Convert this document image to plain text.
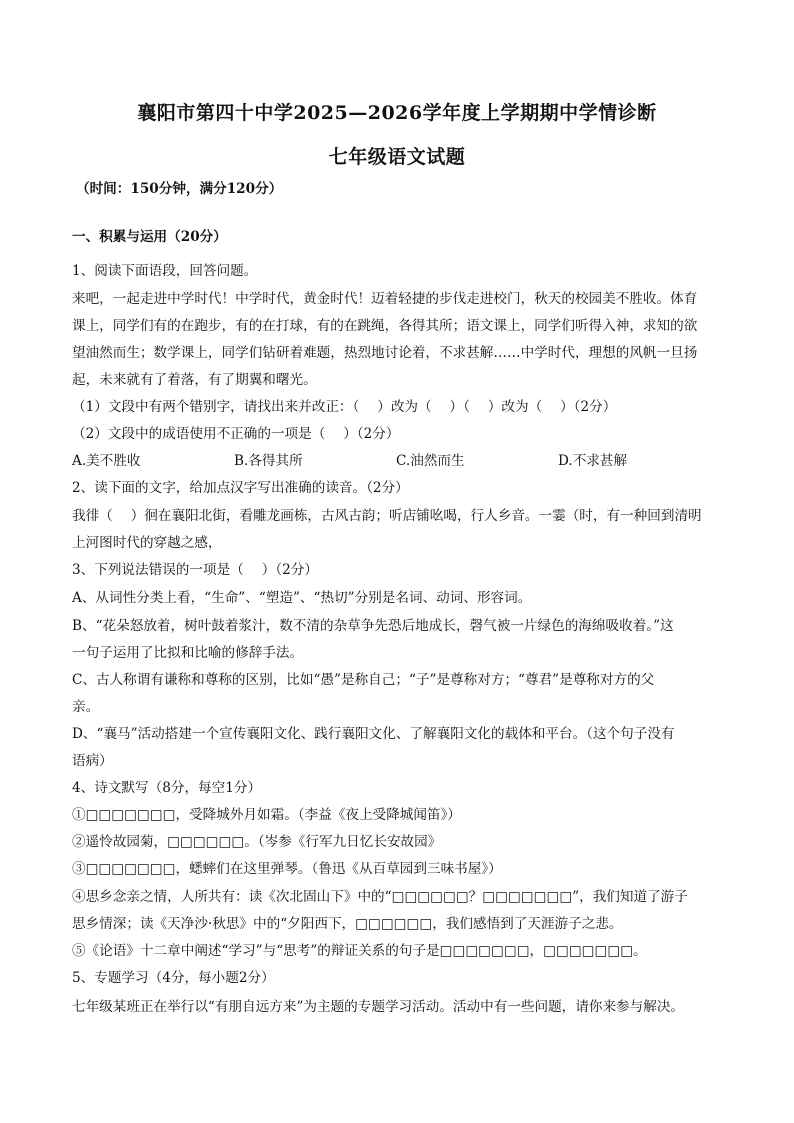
襄阳市第四十中学2025—2026学年度上学期期中学情诊断
七年级语文试题
（时间：150分钟，满分120分）
一、积累与运用（20分）
1、阅读下面语段，回答问题。
来吧，一起走进中学时代！中学时代，黄金时代！迈着轻捷的步伐走进校门，秋天的校园美不胜收。体育
课上，同学们有的在跑步，有的在打球，有的在跳绳，各得其所；语文课上，同学们听得入神，求知的欲
望油然而生；数学课上，同学们钻研着难题，热烈地讨论着，不求甚解……中学时代，理想的风帆一旦扬
起，未来就有了着落，有了期翼和曙光。
（1）文段中有两个错别字，请找出来并改正：（　 ）改为（　 ）（　 ）改为（　 ）（2分）
（2）文段中的成语使用不正确的一项是（　 ）（2分）
A.美不胜收	B.各得其所	C.油然而生	D.不求甚解
2、读下面的文字，给加点汉字写出准确的读音。（2分）
我徘（　 ）徊在襄阳北街，看雕龙画栋，古风古韵；听店铺吆喝，行人乡音。一霎（时，有一种回到清明
上河图时代的穿越之感，
3、下列说法错误的一项是（　 ）（2分）
A、从词性分类上看，“生命”、“塑造”、“热切”分别是名词、动词、形容词。
B、“花朵怒放着，树叶鼓着浆汁，数不清的杂草争先恐后地成长，磬气被一片绿色的海绵吸收着。”这
一句子运用了比拟和比喻的修辞手法。
C、古人称谓有谦称和尊称的区别，比如“愚”是称自己；“子”是尊称对方；“尊君”是尊称对方的父
亲。
D、“襄马”活动搭建一个宣传襄阳文化、践行襄阳文化、了解襄阳文化的载体和平台。（这个句子没有
语病）
4、诗文默写（8分，每空1分）
①□□□□□□□，受降城外月如霜。（李益《夜上受降城闻笛》）
②遥怜故园菊，□□□□□□。（岑参《行军九日忆长安故园》
③□□□□□□□，蟋蟀们在这里弹琴。（鲁迅《从百草园到三味书屋》）
④思乡念亲之情，人所共有：读《次北固山下》中的“□□□□□□？□□□□□□□”，我们知道了游子
思乡情深；读《天净沙·秋思》中的“夕阳西下，□□□□□□，我们感悟到了天涯游子之悲。
⑤《论语》十二章中阐述“学习”与“思考”的辩证关系的句子是□□□□□□□，□□□□□□□。
5、专题学习（4分，每小题2分）
七年级某班正在举行以“有朋自远方来”为主题的专题学习活动。活动中有一些问题，请你来参与解决。
